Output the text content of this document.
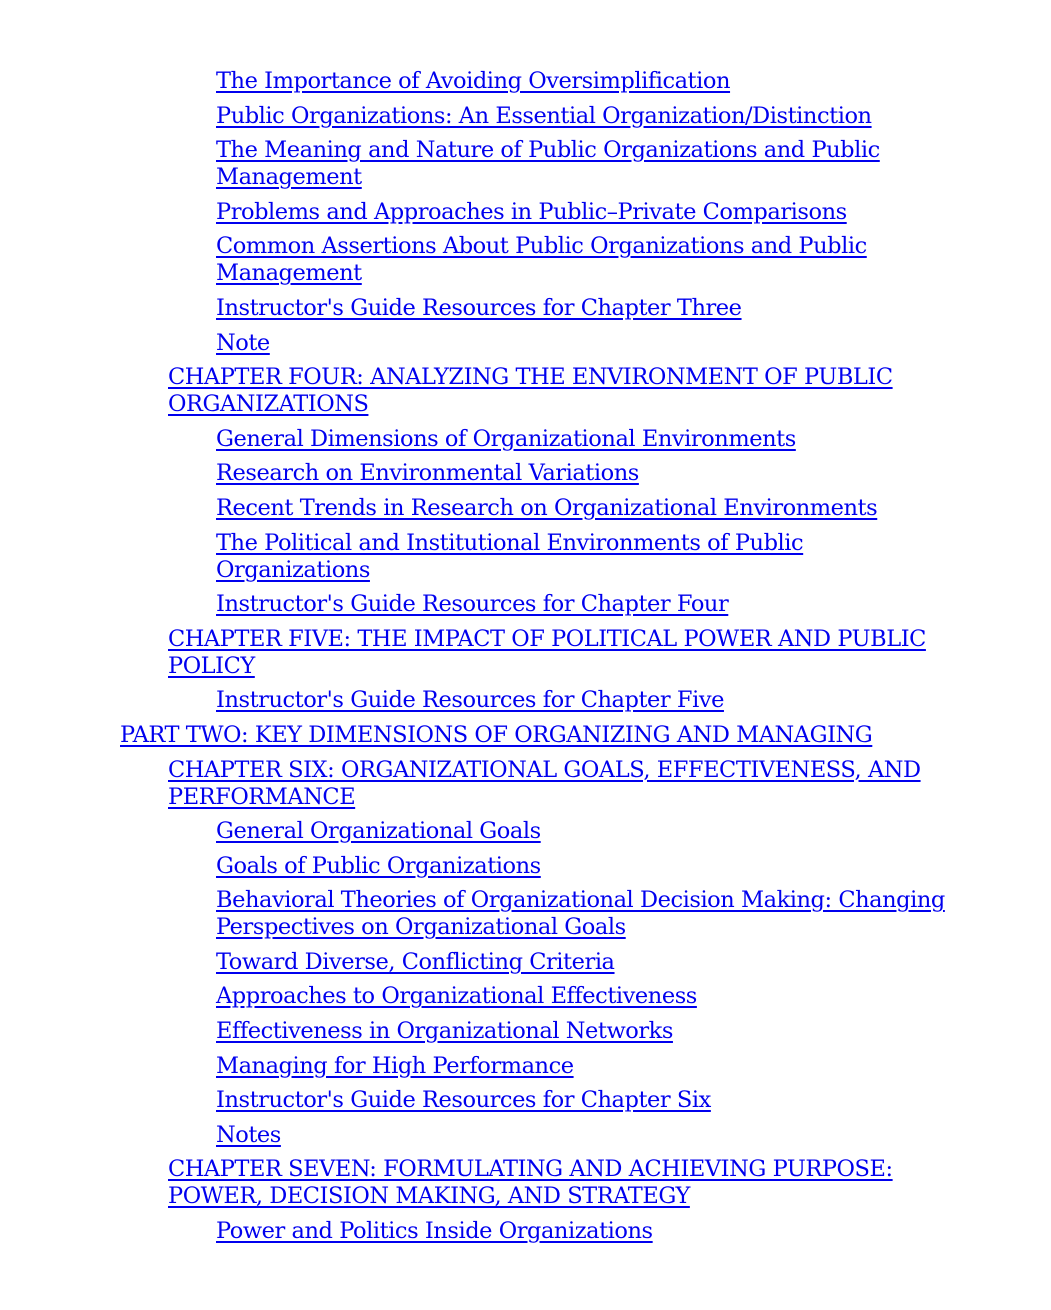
The Importance of Avoiding Oversimplification
Public Organizations: An Essential Organization/Distinction
The Meaning and Nature of Public Organizations and Public Management
Problems and Approaches in Public–Private Comparisons
Common Assertions About Public Organizations and Public Management
Instructor's Guide Resources for Chapter Three
Note
CHAPTER FOUR: ANALYZING THE ENVIRONMENT OF PUBLIC ORGANIZATIONS
General Dimensions of Organizational Environments
Research on Environmental Variations
Recent Trends in Research on Organizational Environments
The Political and Institutional Environments of Public Organizations
Instructor's Guide Resources for Chapter Four
CHAPTER FIVE: THE IMPACT OF POLITICAL POWER AND PUBLIC POLICY
Instructor's Guide Resources for Chapter Five
PART TWO: KEY DIMENSIONS OF ORGANIZING AND MANAGING
CHAPTER SIX: ORGANIZATIONAL GOALS, EFFECTIVENESS, AND PERFORMANCE
General Organizational Goals
Goals of Public Organizations
Behavioral Theories of Organizational Decision Making: Changing Perspectives on Organizational Goals
Toward Diverse, Conflicting Criteria
Approaches to Organizational Effectiveness
Effectiveness in Organizational Networks
Managing for High Performance
Instructor's Guide Resources for Chapter Six
Notes
CHAPTER SEVEN: FORMULATING AND ACHIEVING PURPOSE: POWER, DECISION MAKING, AND STRATEGY
Power and Politics Inside Organizations
